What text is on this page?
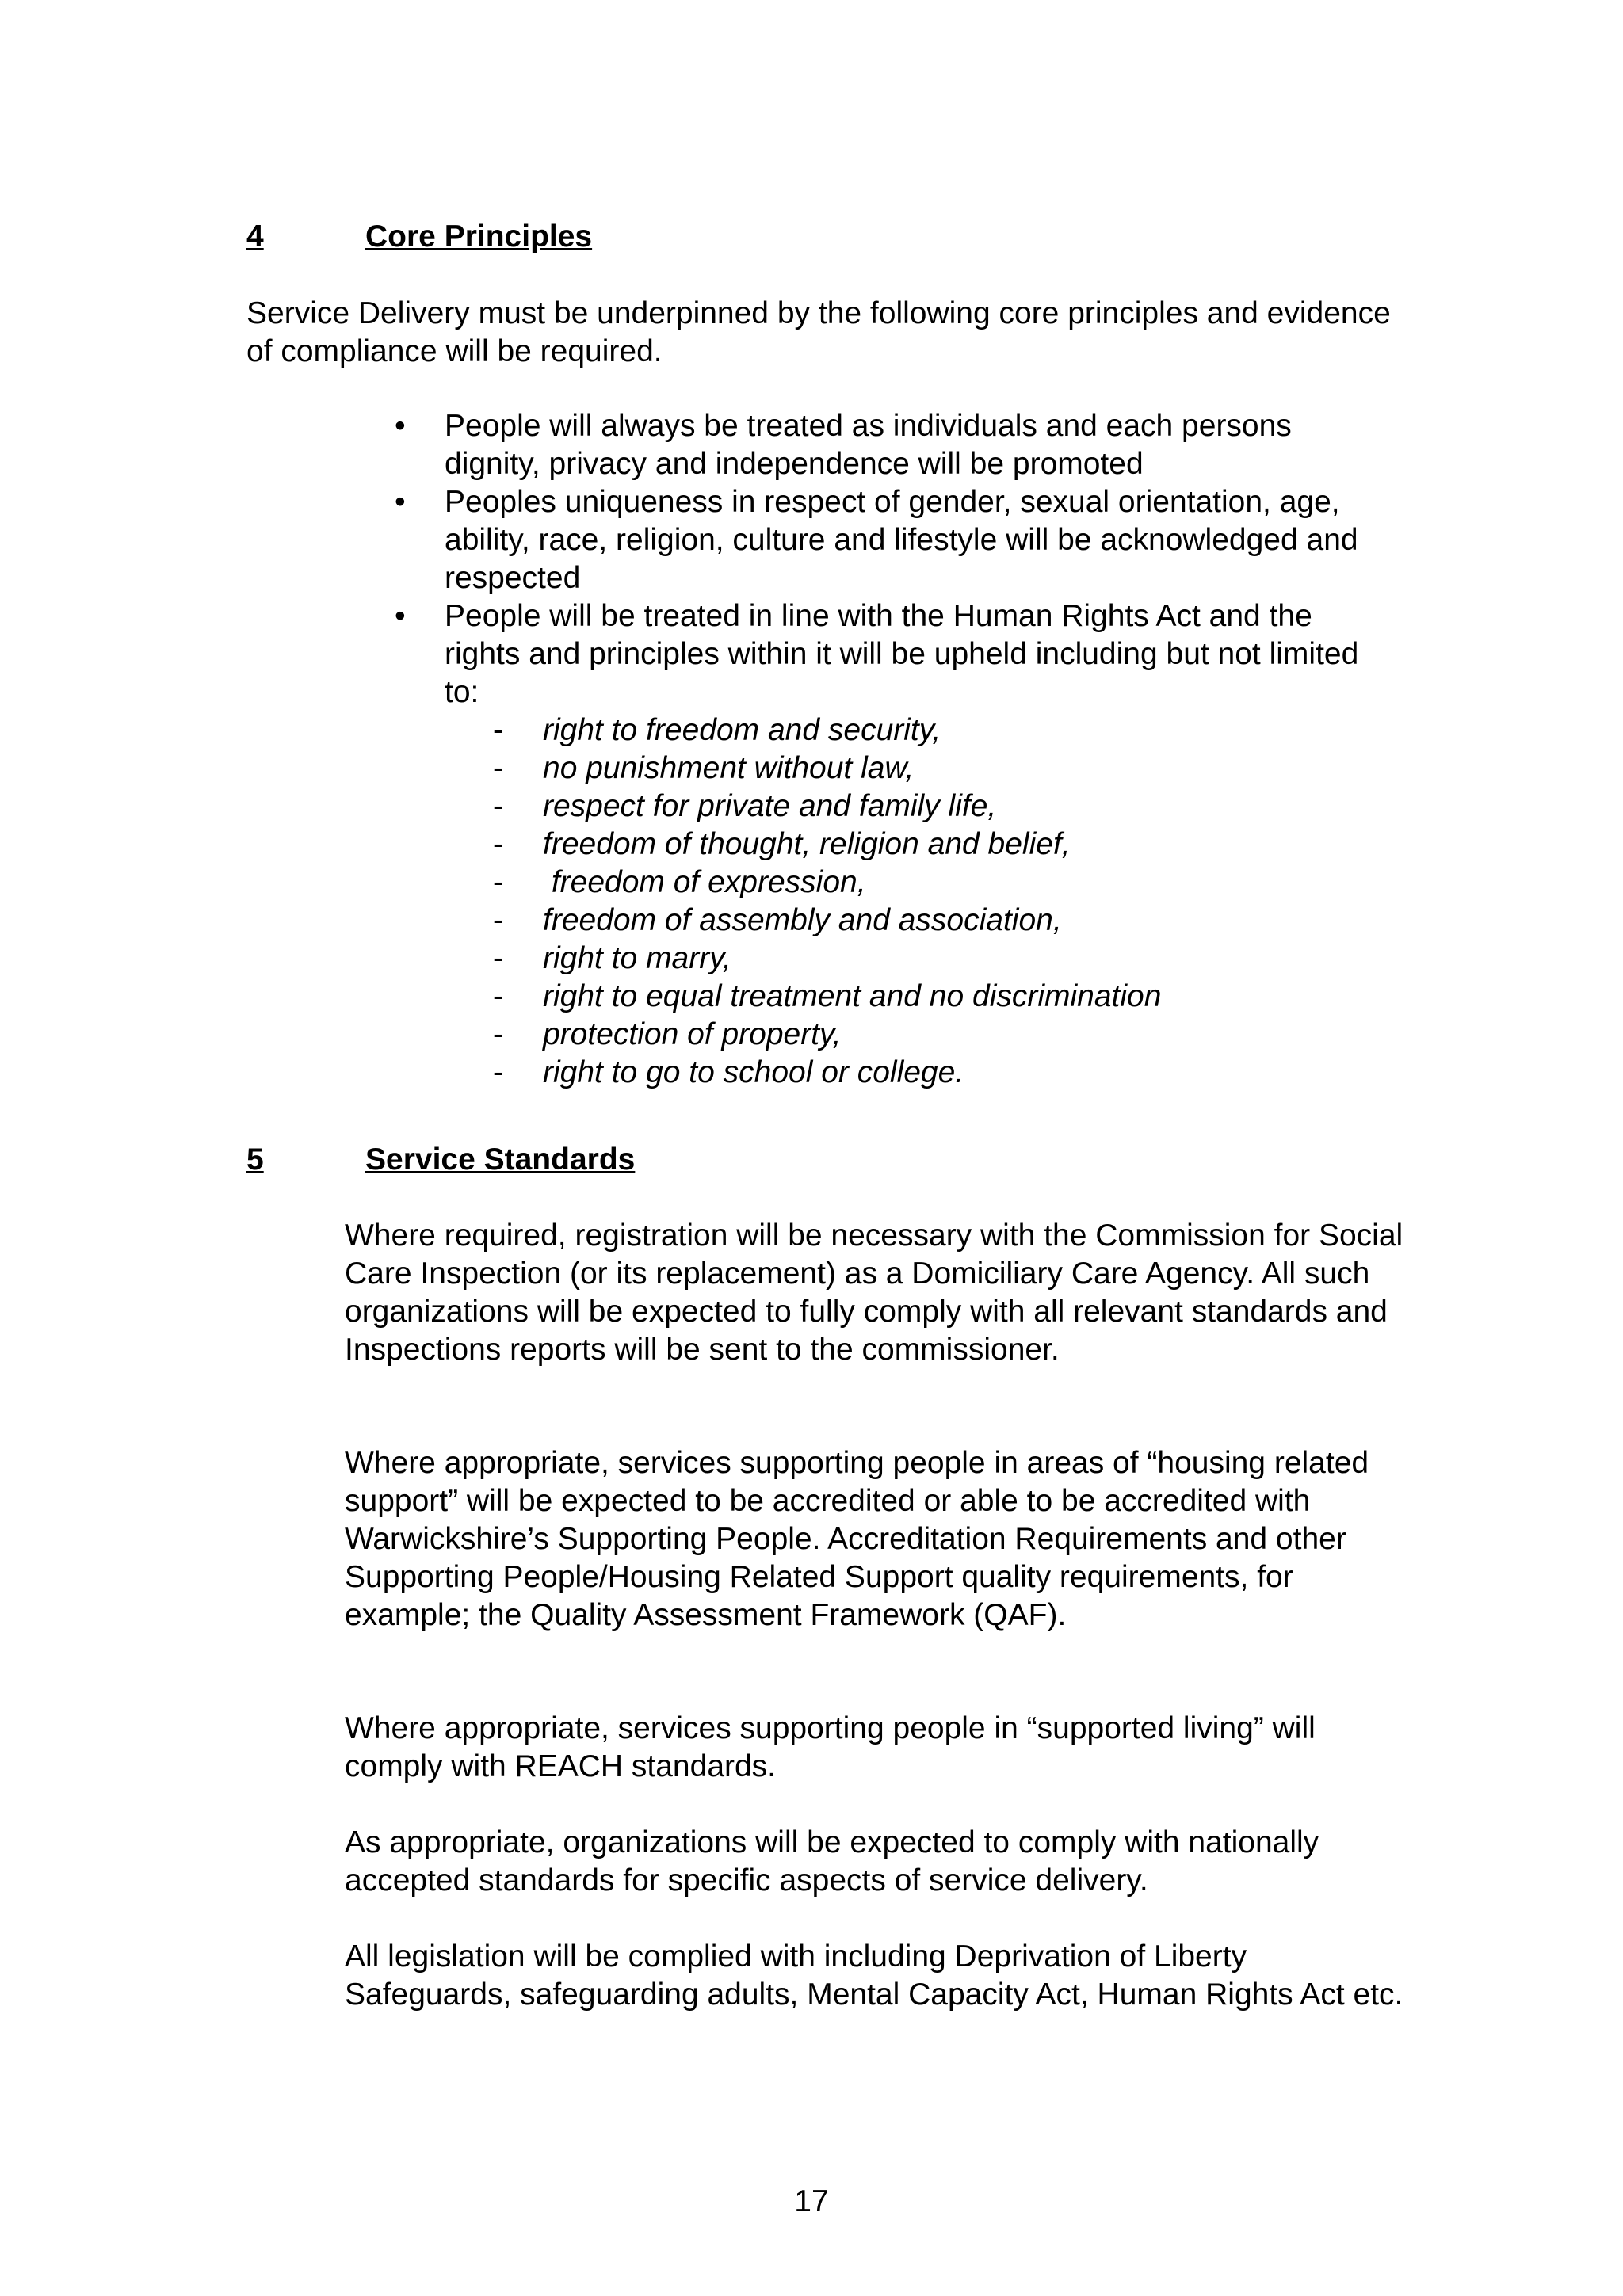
4	Core Principles

Service Delivery must be underpinned by the following core principles and evidence of compliance will be required.

•	People will always be treated as individuals and each persons dignity, privacy and independence will be promoted
•	Peoples uniqueness in respect of gender, sexual orientation, age, ability, race, religion, culture and lifestyle will be acknowledged and respected
•	People will be treated in line with the Human Rights Act and the rights and principles within it will be upheld including but not limited to:
- right to freedom and security,
- no punishment without law,
- respect for private and family life,
- freedom of thought, religion and belief,
- freedom of expression,
- freedom of assembly and association,
- right to marry,
- right to equal treatment and no discrimination
- protection of property,
- right to go to school or college.
5	Service Standards

Where required, registration will be necessary with the Commission for Social Care Inspection (or its replacement) as a Domiciliary Care Agency. All such organizations will be expected to fully comply with all relevant standards and Inspections reports will be sent to the commissioner.

Where appropriate, services supporting people in areas of “housing related support” will be expected to be accredited or able to be accredited with Warwickshire’s Supporting People. Accreditation Requirements and other Supporting People/Housing Related Support quality requirements, for example; the Quality Assessment Framework (QAF).

Where appropriate, services supporting people in “supported living” will comply with REACH standards.

As appropriate, organizations will be expected to comply with nationally accepted standards for specific aspects of service delivery.

All legislation will be complied with including Deprivation of Liberty Safeguards, safeguarding adults, Mental Capacity Act, Human Rights Act etc.

17
